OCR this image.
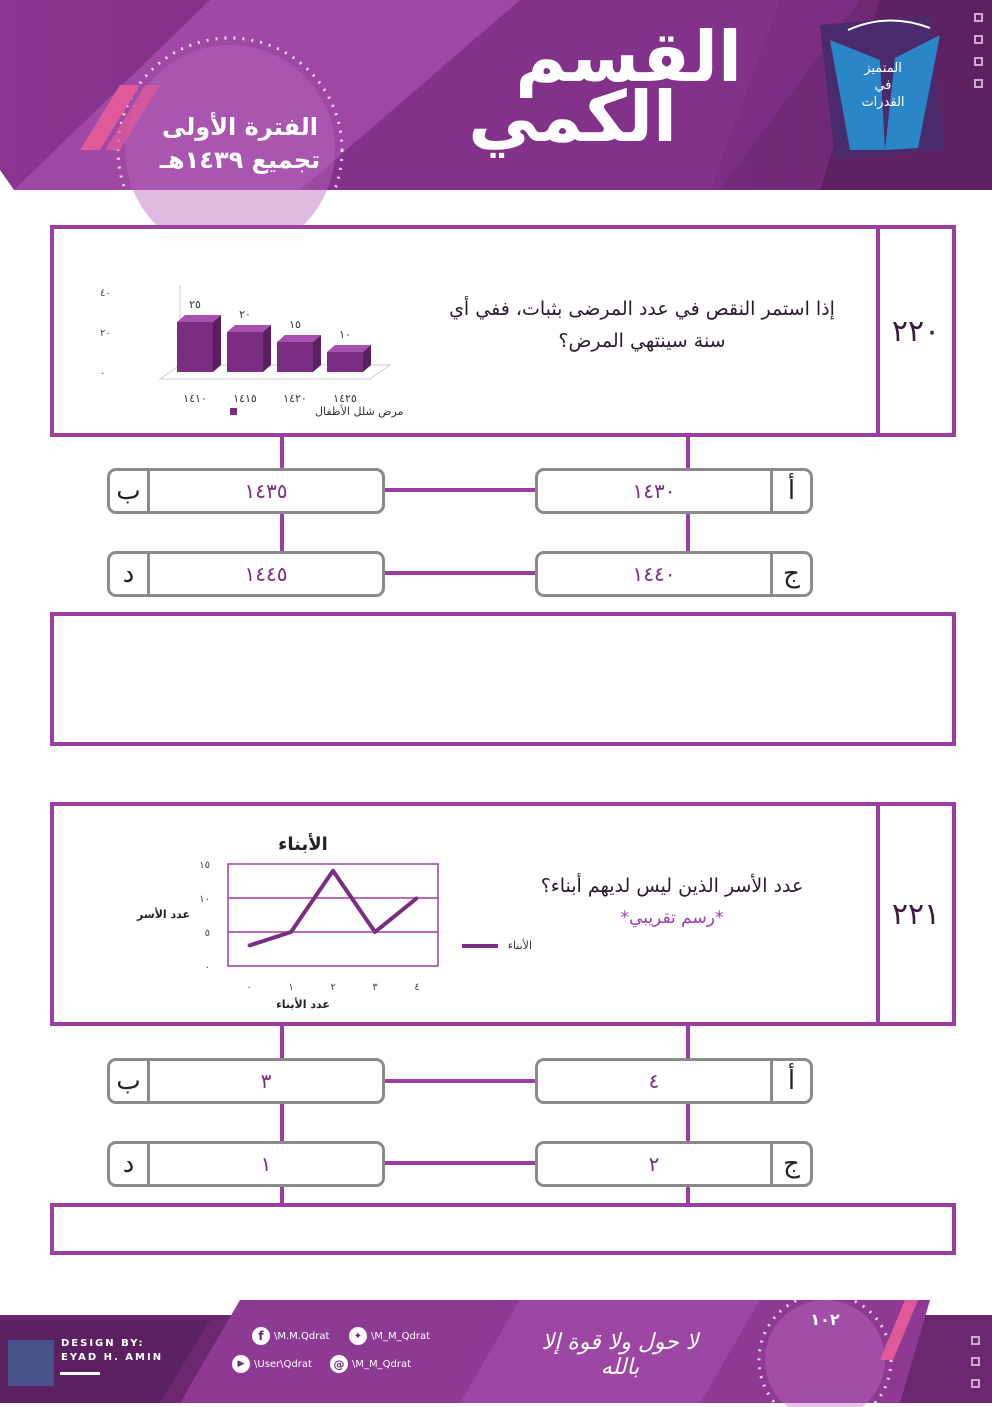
القسم
الكمي
الفترة الأولى
تجميع ١٤٣٩هـ
المتميز
في
القدرات
٢٢٠
إذا استمر النقص في عدد المرضى بثبات، ففي أي
سنة سينتهي المرض؟
٤٠
٢٠
٠
٢٥
١٤١٠
٢٠
١٤١٥
١٥
١٤٢٠
١٠
١٤٢٥
مرض شلل الأطفال
أ
١٤٣٠
ب	١٤٣٥
ج
١٤٤٠
د	١٤٤٥
٢٢١
عدد الأسر الذين ليس لديهم أبناء؟
*رسم تقريبي*
١٥
١٠
٥
٠
٠	١	٢	٣	٤
الأبناء
عدد الأبناء
عدد الأسر
الأبناء
أ
٤
ب	٣
ج
٢
د	١
DESIGN BY:
EYAD H. AMIN
f	\M.M.Qdrat	✦ \M_M_Qdrat
▶ \User\Qdrat	@ \M_M_Qdrat
لا حول ولا قوة إلا بالله
١٠٢
